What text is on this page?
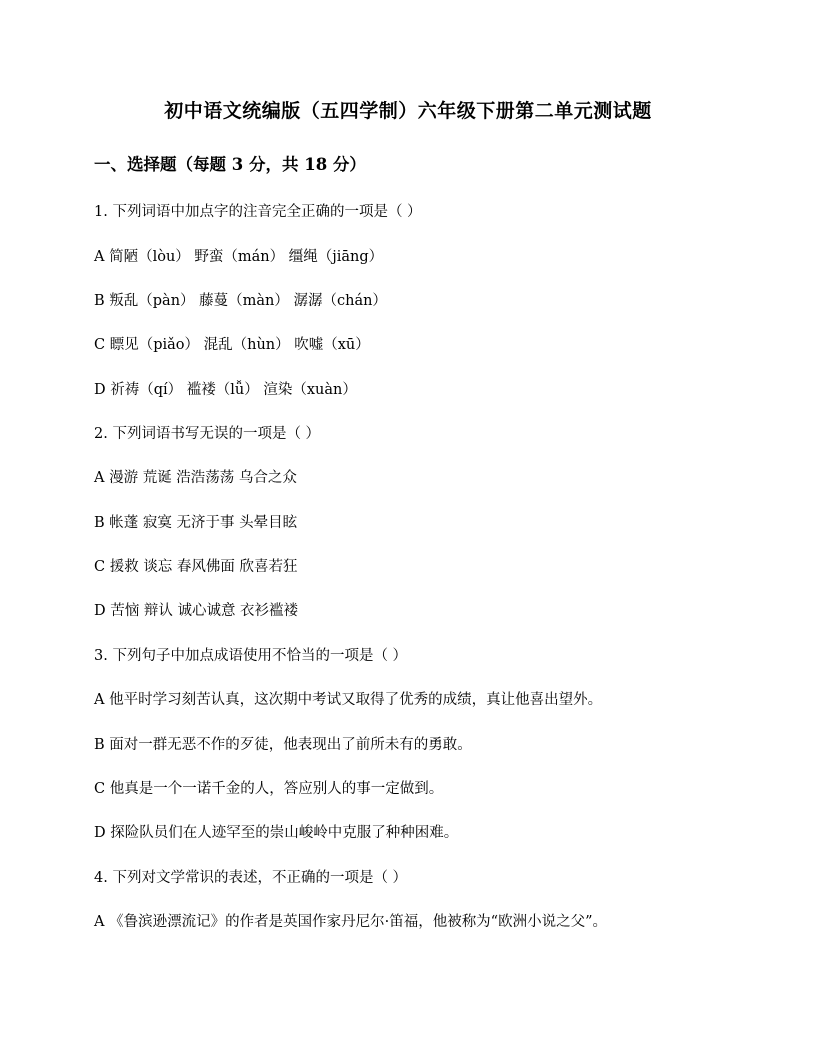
初中语文统编版（五四学制）六年级下册第二单元测试题
一、选择题（每题 3 分，共 18 分）
1. 下列词语中加点字的注音完全正确的一项是（ ）
A 简陋（lòu） 野蛮（mán） 缰绳（jiāng）
B 叛乱（pàn） 藤蔓（màn） 潺潺（chán）
C 瞟见（piǎo） 混乱（hùn） 吹嘘（xū）
D 祈祷（qí） 褴褛（lǚ） 渲染（xuàn）
2. 下列词语书写无误的一项是（ ）
A 漫游 荒诞 浩浩荡荡 乌合之众
B 帐蓬 寂寞 无济于事 头晕目眩
C 援救 谈忘 春风佛面 欣喜若狂
D 苦恼 辩认 诚心诚意 衣衫褴褛
3. 下列句子中加点成语使用不恰当的一项是（ ）
A 他平时学习刻苦认真，这次期中考试又取得了优秀的成绩，真让他喜出望外。
B 面对一群无恶不作的歹徒，他表现出了前所未有的勇敢。
C 他真是一个一诺千金的人，答应别人的事一定做到。
D 探险队员们在人迹罕至的崇山峻岭中克服了种种困难。
4. 下列对文学常识的表述，不正确的一项是（ ）
A 《鲁滨逊漂流记》的作者是英国作家丹尼尔·笛福，他被称为“欧洲小说之父”。
